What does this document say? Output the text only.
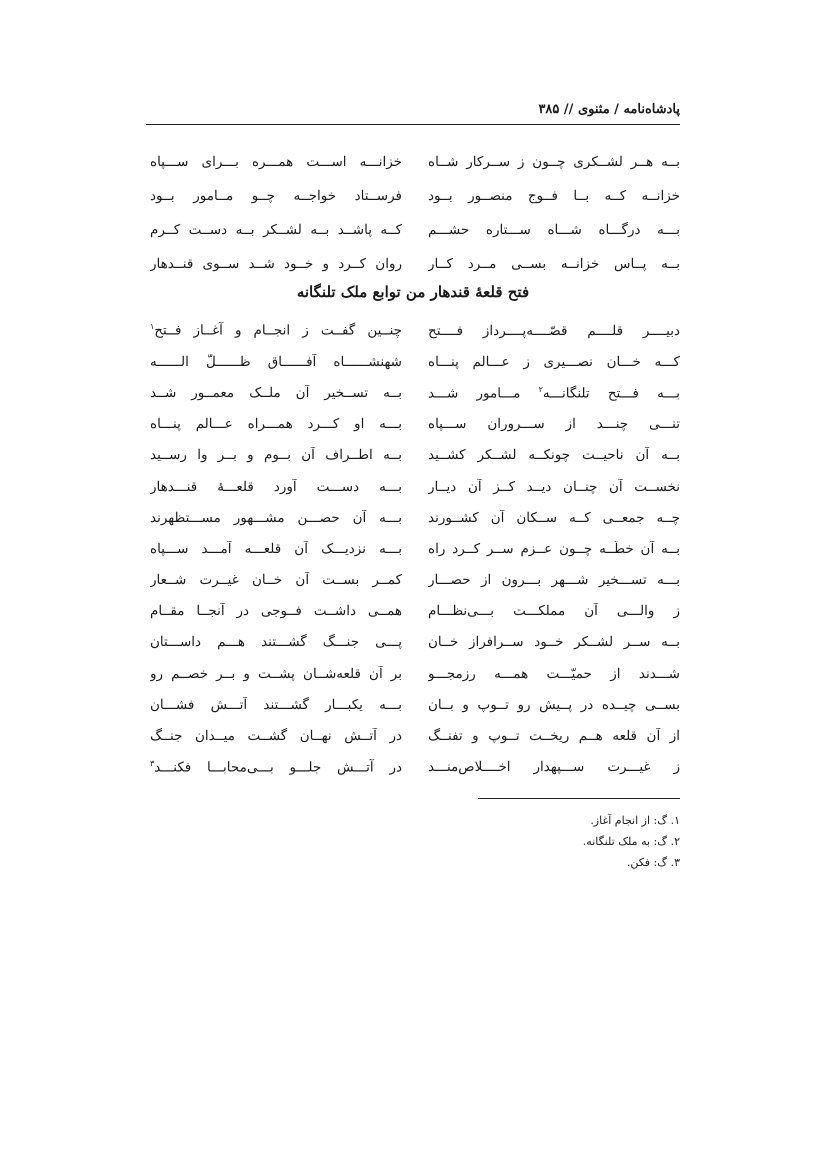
پادشاه‌نامه / مثنوی // ۳۸۵
بــه هــر لشــکری چــون ز ســرکار شــاه
خزانـــه اســـت همـــره بـــرای ســـپاه
خزانــه کــه بــا فــوج منصــور بــود
فرســتاد خواجــه چــو مــامور بــود
بـــه درگـــاه شـــاه ســـتاره حشـــم
کــه پاشــد بــه لشــکر بــه دســت کــرم
بــه پــاس خزانــه بســی مــرد کــار
روان کــرد و خــود شــد ســوی قنــدهار
فتح قلعهٔ قندهار من توابع ملک تلنگانه
دبیــــر قلــــم قصّــــه‌پــــرداز فــــتح
چنــین گفــت ز انجــام و آغــاز فــتح$^۱$
کـــه خـــان نصـــیری ز عـــالم پنـــاه
شهنشــــــاه آفــــــاق ظــــــلّ الــــــه
بـــه فـــتح تلنگانـــه$^۲$ مـــامور شـــد
بــه تســخیر آن ملــک معمــور شــد
تنـــی چنـــد از ســـروران ســـپاه
بـــه او کـــرد همـــراه عـــالم پنـــاه
بــه آن ناحیــت چونکــه لشــکر کشــید
بــه اطــراف آن بــوم و بــر وا رســید
نخســت آن چنــان دیــد کــز آن دیــار
بـــه دســـت آورد قلعـــهٔ قنـــدهار
چــه جمعــی کــه ســکان آن کشــورند
بـــه آن حصـــن مشـــهور مســـتظهرند
بــه آن خطّــه چــون عــزم ســر کــرد راه
بـــه نزدیـــک آن قلعـــه آمـــد ســـپاه
بـــه تســـخیر شـــهر بـــرون از حصـــار
کمــر بســت آن خــان غیــرت شــعار
ز والـــی آن مملکـــت بـــی‌نظـــام
همــی داشــت فــوجی در آنجــا مقــام
بــه ســر لشــکر خــود ســرافراز خــان
پـــی جنـــگ گشـــتند هـــم داســـتان
شـــدند از حمیّـــت همـــه رزمجـــو
بر آن قلعه‌شــان پشــت و بــر خصــم رو
بســی چیــده در پــیش رو تــوپ و بــان
بـــه یکبـــار گشـــتند آتـــش فشـــان
از آن قلعه هــم ریخــت تــوپ و تفنــگ
در آتــش نهــان گشــت میــدان جنــگ
ز غیـــرت ســـپهدار اخــــلاص‌منـــد
در آتـــش جلـــو بـــی‌محابـــا فکنـــد$^۳$
۱. گ: از انجام آغاز.
۲. گ: به ملک تلنگانه.
۳. گ: فکن.
